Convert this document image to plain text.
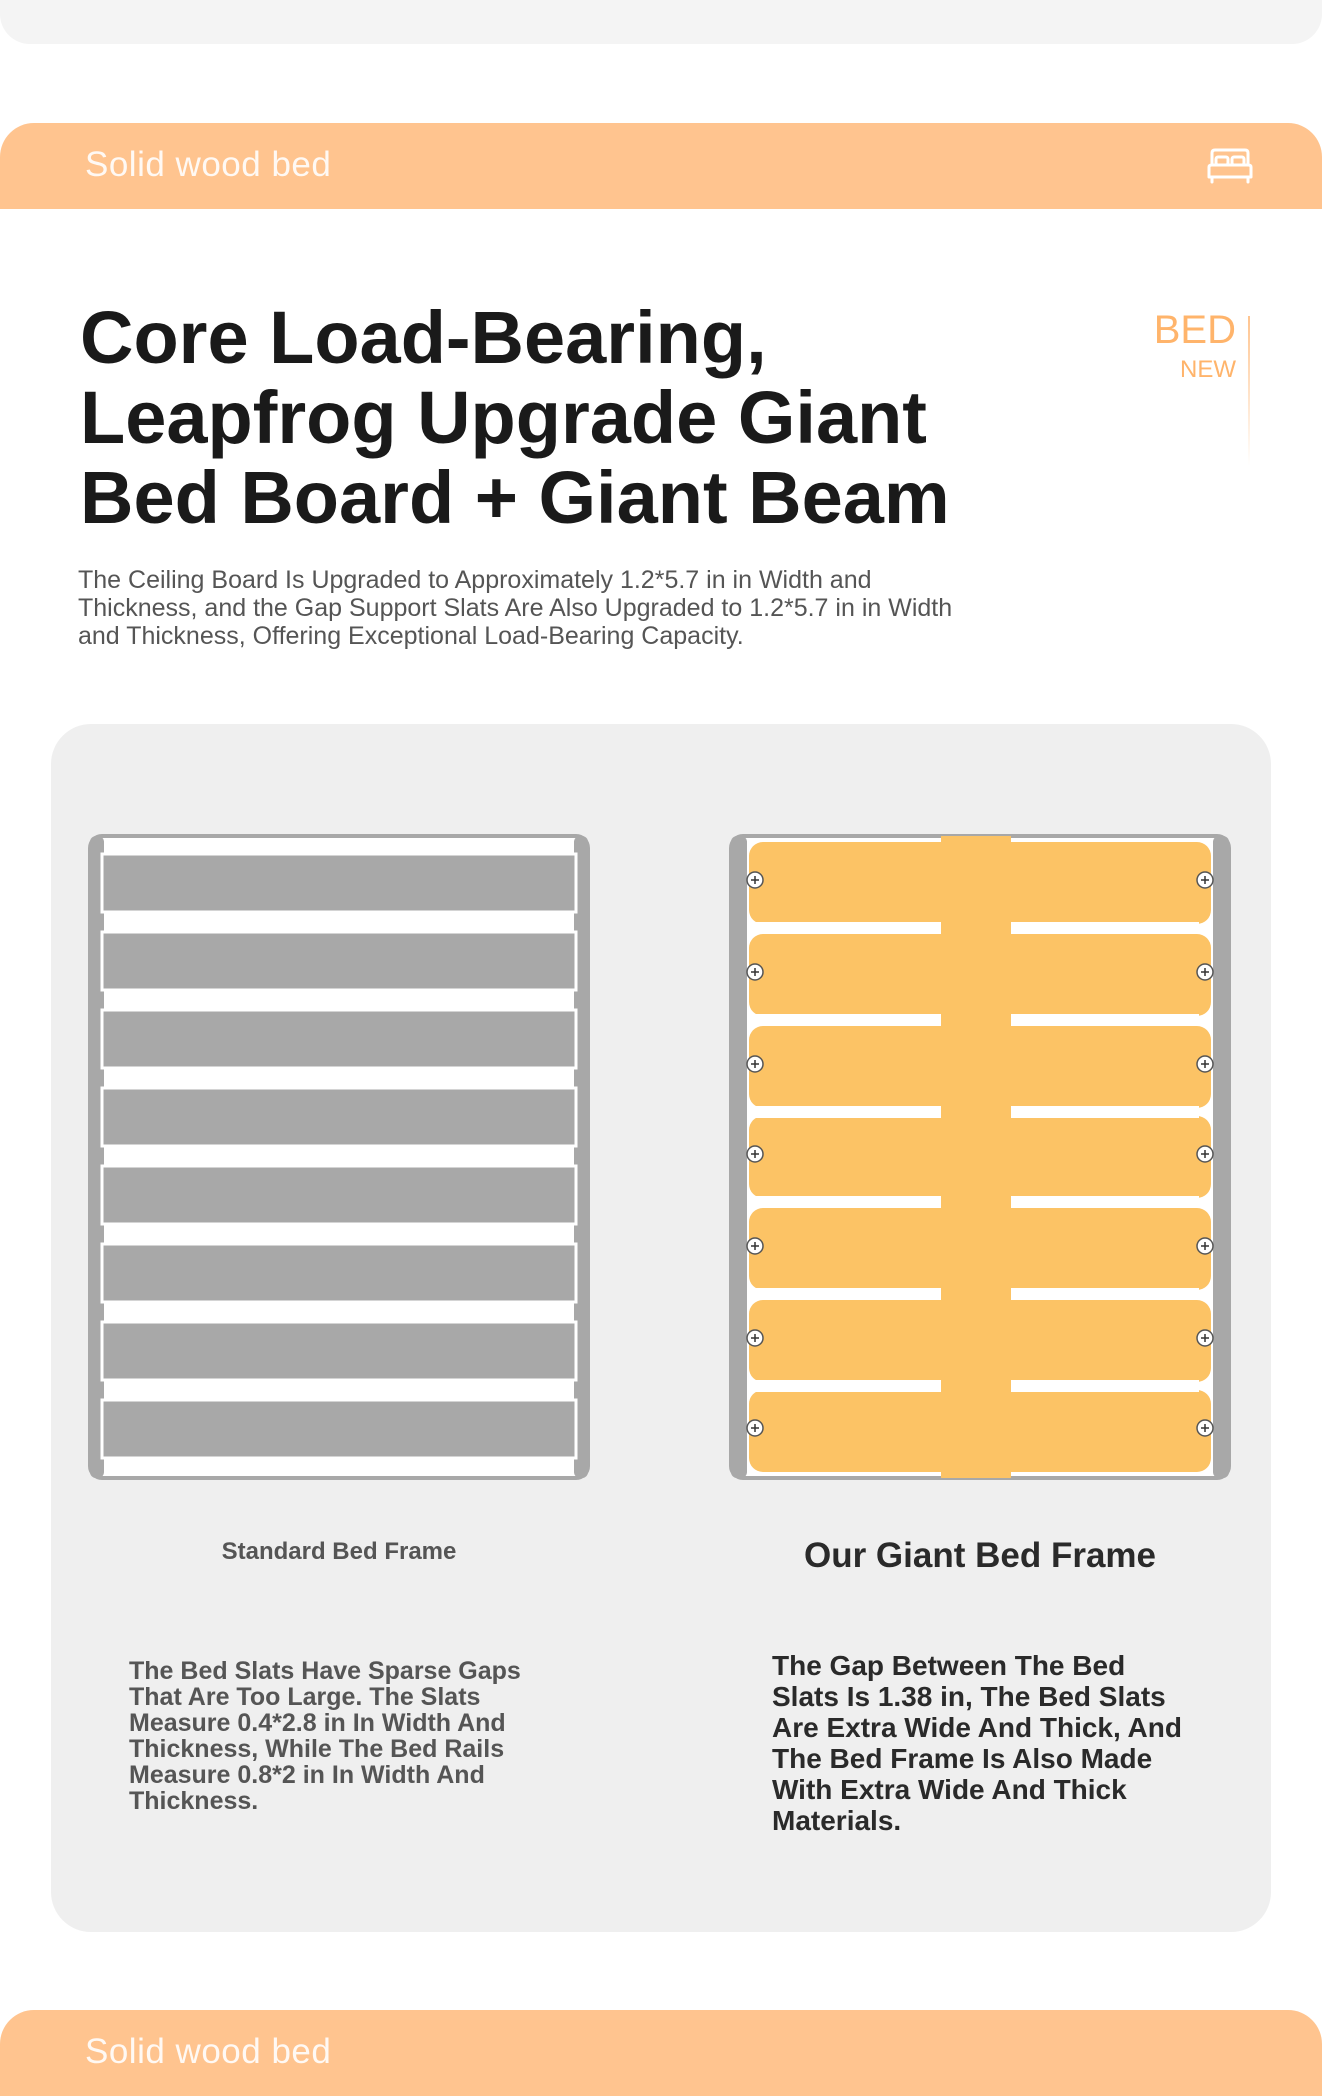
Solid wood bed
Core Load-Bearing, Leapfrog Upgrade Giant Bed Board + Giant Beam

The Ceiling Board Is Upgraded to Approximately 1.2*5.7 in in Width and Thickness, and the Gap Support Slats Are Also Upgraded to 1.2*5.7 in in Width and Thickness, Offering Exceptional Load-Bearing Capacity.

BED
NEW

Standard Bed Frame	Our Giant Bed Frame

The Bed Slats Have Sparse Gaps That Are Too Large. The Slats Measure 0.4*2.8 in In Width And Thickness, While The Bed Rails Measure 0.8*2 in In Width And Thickness.

The Gap Between The Bed Slats Is 1.38 in, The Bed Slats Are Extra Wide And Thick, And The Bed Frame Is Also Made With Extra Wide And Thick Materials.

Solid wood bed
